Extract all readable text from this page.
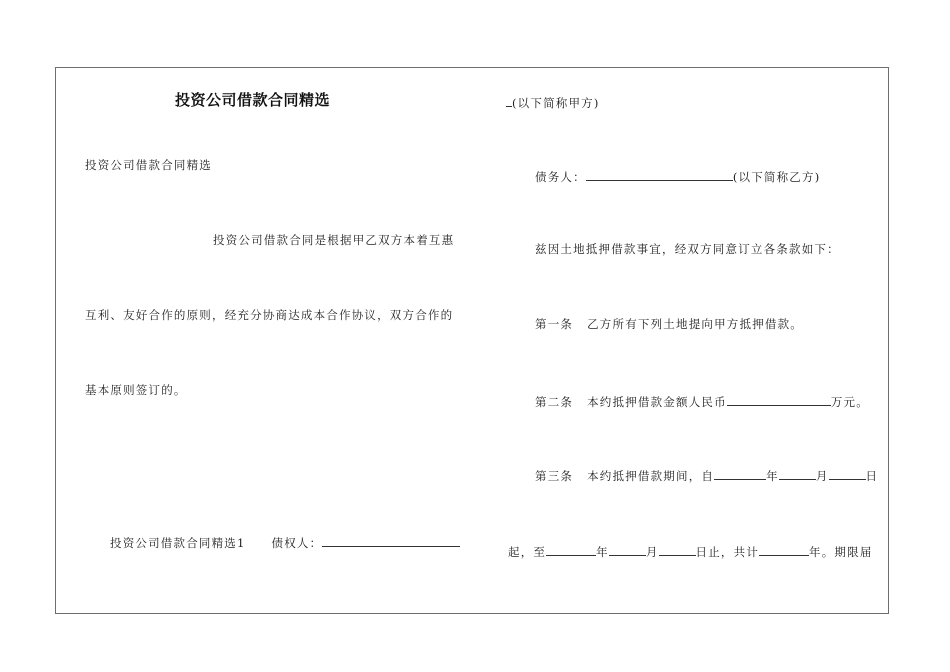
投资公司借款合同精选
投资公司借款合同精选
投资公司借款合同是根据甲乙双方本着互惠
互利、友好合作的原则，经充分协商达成本合作协议，双方合作的
基本原则签订的。
投资公司借款合同精选1 债权人：
(以下简称甲方)
债务人：	(以下简称乙方)
兹因土地抵押借款事宜，经双方同意订立各条款如下：
第一条 乙方所有下列土地提向甲方抵押借款。
第二条 本约抵押借款金额人民币	万元。
第三条 本约抵押借款期间，自	年	月	日
起，至	年	月	日止，共计	年。期限届
